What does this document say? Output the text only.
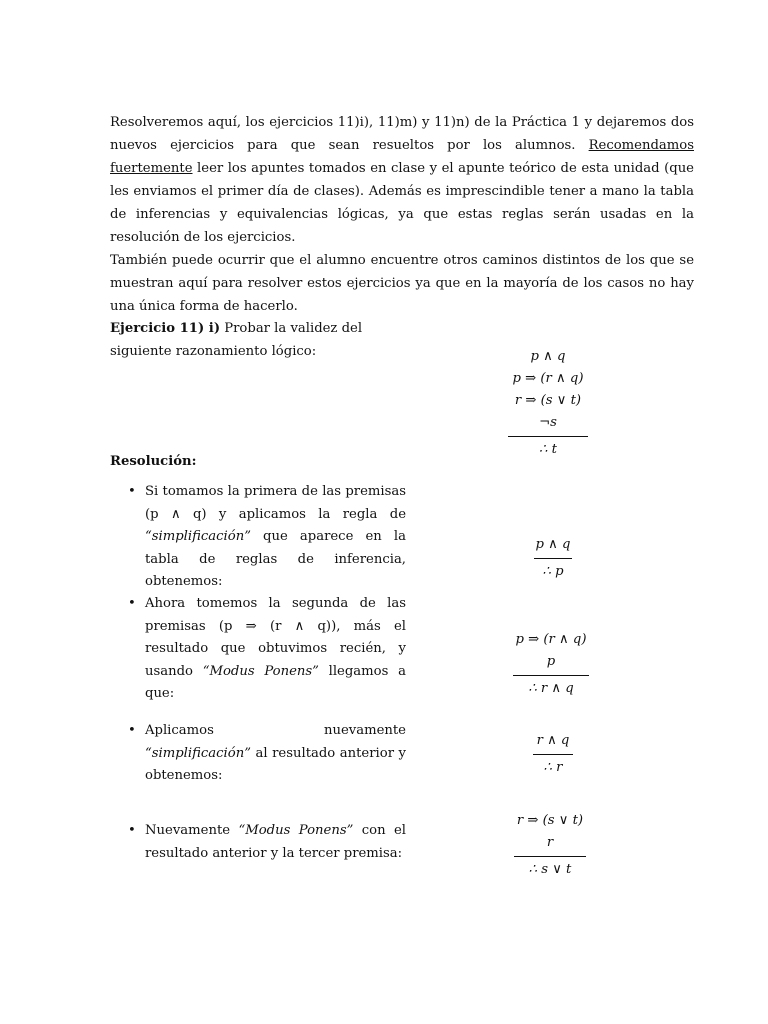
Resolveremos aquí, los ejercicios 11)i), 11)m) y 11)n) de la Práctica 1 y dejaremos dos nuevos ejercicios para que sean resueltos por los alumnos. Recomendamos fuertemente leer los apuntes tomados en clase y el apunte teórico de esta unidad (que les enviamos el primer día de clases). Además es imprescindible tener a mano la tabla de inferencias y equivalencias lógicas, ya que estas reglas serán usadas en la resolución de los ejercicios.

También puede ocurrir que el alumno encuentre otros caminos distintos de los que se muestran aquí para resolver estos ejercicios ya que en la mayoría de los casos no hay una única forma de hacerlo.

Ejercicio 11) i) Probar la validez del siguiente razonamiento lógico:	p ∧ q
p ⇒ (r ∧ q)
r ⇒ (s ∨ t)
¬s
∴ t
Resolución:
• Si tomamos la primera de las premisas (p ∧ q) y aplicamos la regla de “simplificación” que aparece en la tabla de reglas de inferencia, obtenemos:
p ∧ q
∴ p
• Ahora tomemos la segunda de las premisas (p ⇒ (r ∧ q)), más el resultado que obtuvimos recién, y usando “Modus Ponens” llegamos a que:
p ⇒ (r ∧ q)
p
∴ r ∧ q
• Aplicamos nuevamente “simplificación” al resultado anterior y obtenemos:
r ∧ q
∴ r
• Nuevamente “Modus Ponens” con el resultado anterior y la tercer premisa:
r ⇒ (s ∨ t)
r
∴ s ∨ t
